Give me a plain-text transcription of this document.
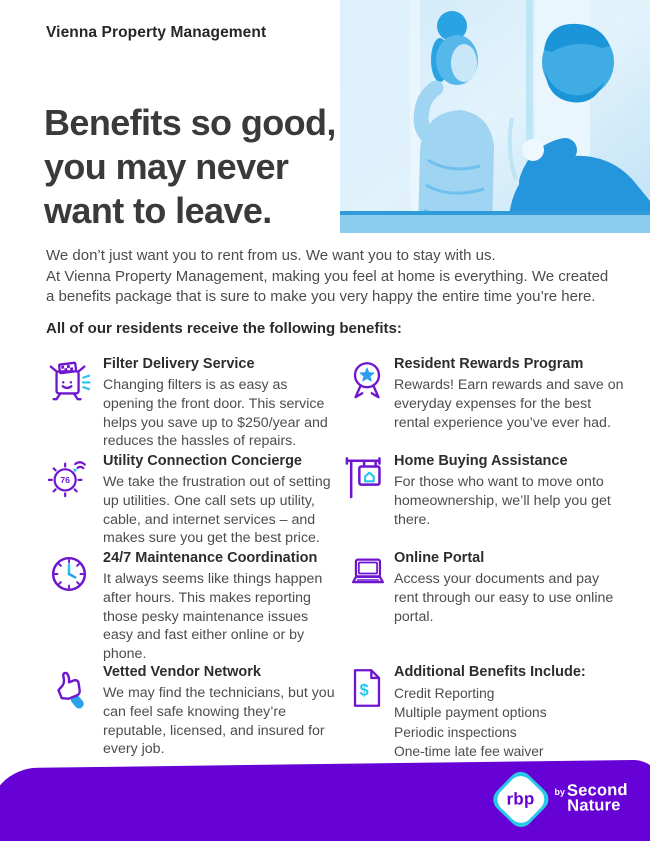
Vienna Property Management
Benefits so good,
you may never
want to leave.
We don’t just want you to rent from us. We want you to stay with us.
At Vienna Property Management, making you feel at home is everything. We created a benefits package that is sure to make you very happy the entire time you’re here.
All of our residents receive the following benefits:
Filter Delivery Service
Changing filters is as easy as opening the front door. This service helps you save up to $250/year and reduces the hassles of repairs.
Resident Rewards Program
Rewards! Earn rewards and save on everyday expenses for the best rental experience you’ve ever had.
76
Utility Connection Concierge
We take the frustration out of setting up utilities. One call sets up utility, cable, and internet services – and makes sure you get the best price.
Home Buying Assistance
For those who want to move onto homeownership, we’ll help you get there.
24/7 Maintenance Coordination
It always seems like things happen after hours. This makes reporting those pesky maintenance issues easy and fast either online or by phone.
Online Portal
Access your documents and pay rent through our easy to use online portal.
Vetted Vendor Network
We may find the technicians, but you can feel safe knowing they’re reputable, licensed, and insured for every job.
$
Additional Benefits Include:
Credit Reporting
Multiple payment options
Periodic inspections
One-time late fee waiver
rbp	by Second
Nature
